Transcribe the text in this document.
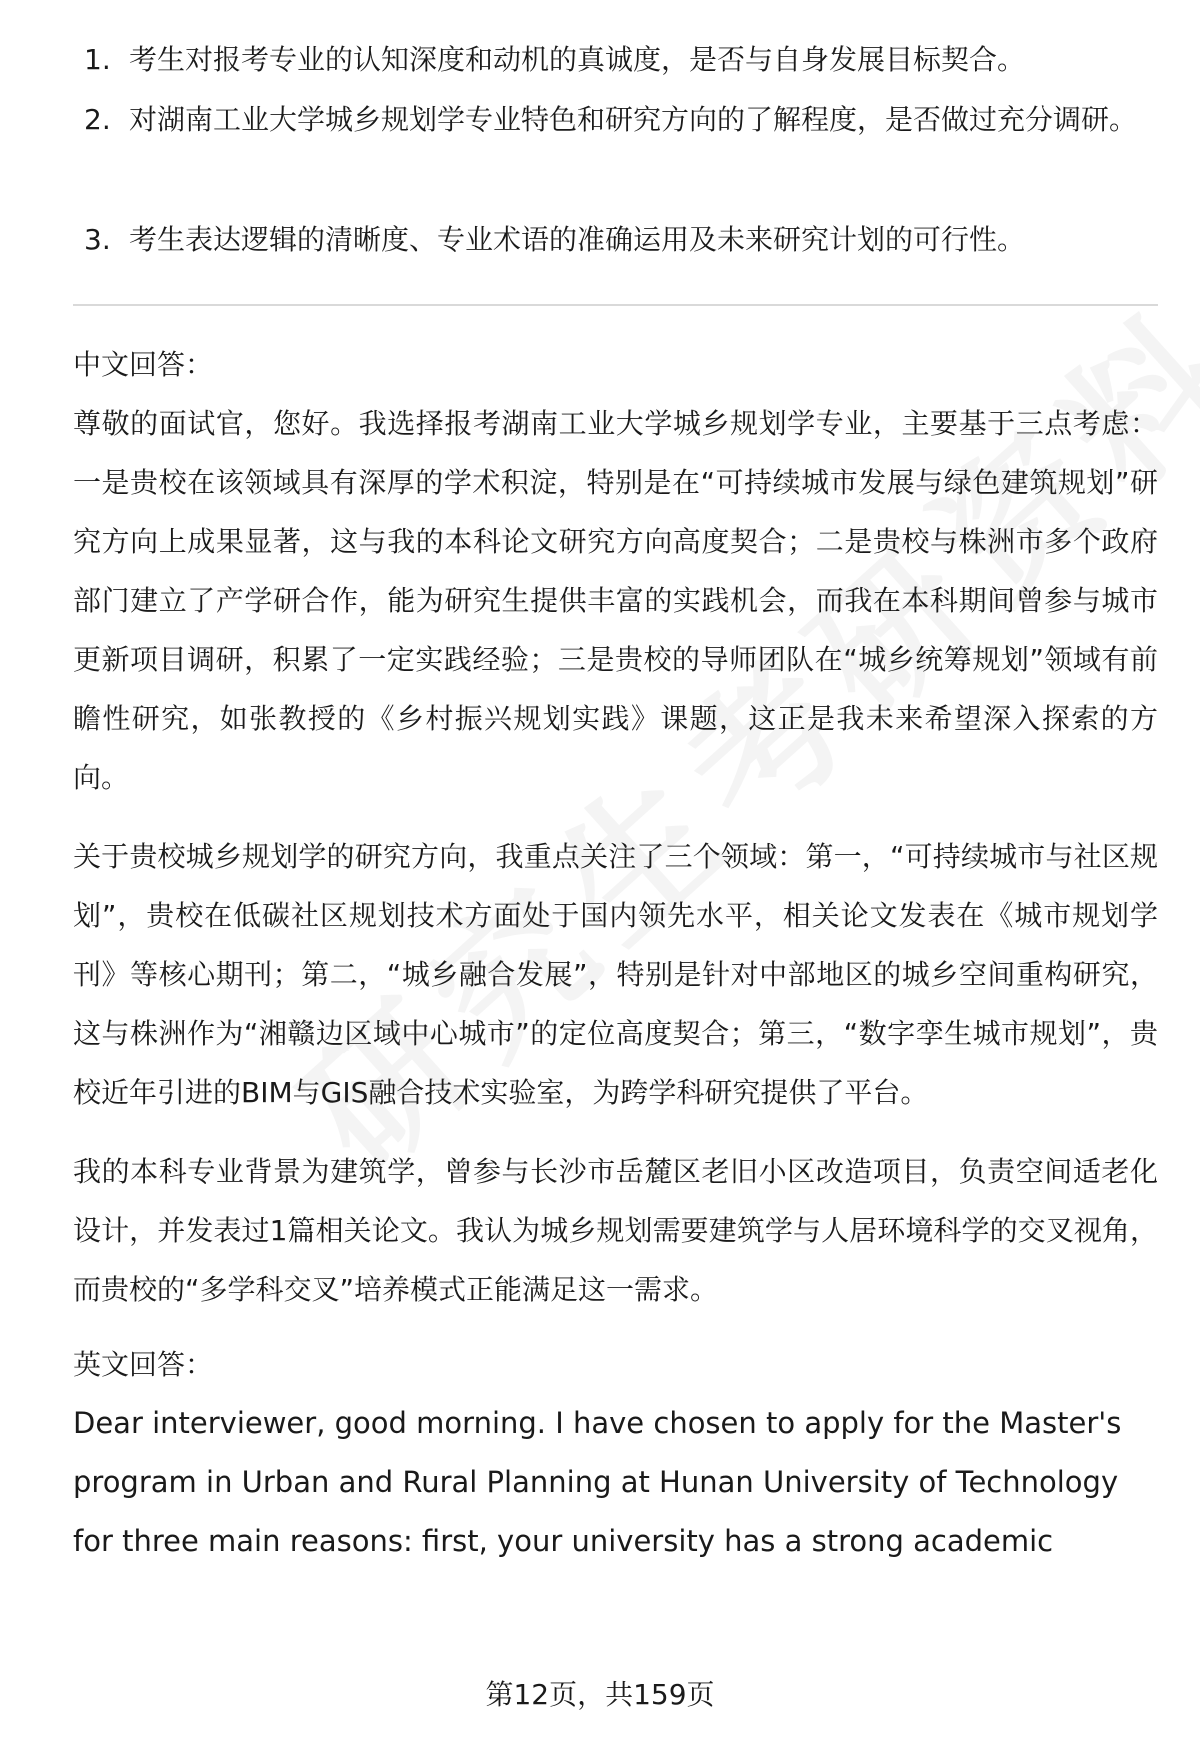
1. 考生对报考专业的认知深度和动机的真诚度，是否与自身发展目标契合。
2. 对湖南工业大学城乡规划学专业特色和研究方向的了解程度，是否做过充分调研。
3. 考生表达逻辑的清晰度、专业术语的准确运用及未来研究计划的可行性。

中文回答：

尊敬的面试官，您好。我选择报考湖南工业大学城乡规划学专业，主要基于三点考虑：一是贵校在该领域具有深厚的学术积淀，特别是在“可持续城市发展与绿色建筑规划”研究方向上成果显著，这与我的本科论文研究方向高度契合；二是贵校与株洲市多个政府部门建立了产学研合作，能为研究生提供丰富的实践机会，而我在本科期间曾参与城市更新项目调研，积累了一定实践经验；三是贵校的导师团队在“城乡统筹规划”领域有前瞻性研究，如张教授的《乡村振兴规划实践》课题，这正是我未来希望深入探索的方向。

关于贵校城乡规划学的研究方向，我重点关注了三个领域：第一，“可持续城市与社区规划”，贵校在低碳社区规划技术方面处于国内领先水平，相关论文发表在《城市规划学刊》等核心期刊；第二，“城乡融合发展”，特别是针对中部地区的城乡空间重构研究，这与株洲作为“湘赣边区域中心城市”的定位高度契合；第三，“数字孪生城市规划”，贵校近年引进的BIM与GIS融合技术实验室，为跨学科研究提供了平台。

我的本科专业背景为建筑学，曾参与长沙市岳麓区老旧小区改造项目，负责空间适老化设计，并发表过1篇相关论文。我认为城乡规划需要建筑学与人居环境科学的交叉视角，而贵校的“多学科交叉”培养模式正能满足这一需求。

英文回答：

Dear interviewer, good morning. I have chosen to apply for the Master's program in Urban and Rural Planning at Hunan University of Technology for three main reasons: first, your university has a strong academic

第12页，共159页
